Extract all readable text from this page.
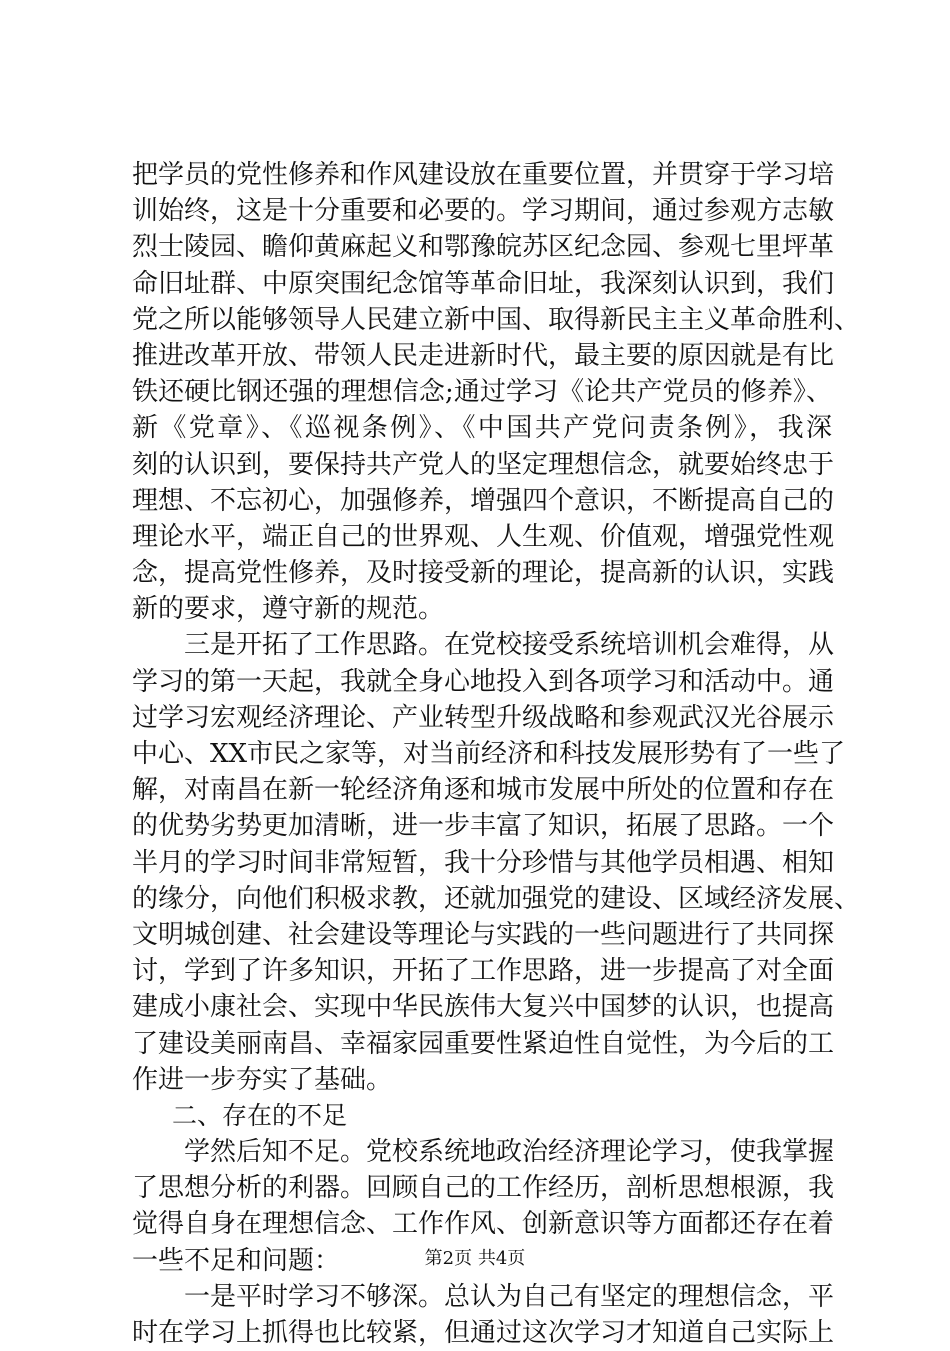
把学员的党性修养和作风建设放在重要位置，并贯穿于学习培
训始终，这是十分重要和必要的。学习期间，通过参观方志敏
烈士陵园、瞻仰黄麻起义和鄂豫皖苏区纪念园、参观七里坪革
命旧址群、中原突围纪念馆等革命旧址，我深刻认识到，我们
党之所以能够领导人民建立新中国、取得新民主主义革命胜利、
推进改革开放、带领人民走进新时代，最主要的原因就是有比
铁还硬比钢还强的理想信念;通过学习《论共产党员的修养》、
新《党章》、《巡视条例》、《中国共产党问责条例》，我深
刻的认识到，要保持共产党人的坚定理想信念，就要始终忠于
理想、不忘初心，加强修养，增强四个意识，不断提高自己的
理论水平，端正自己的世界观、人生观、价值观，增强党性观
念，提高党性修养，及时接受新的理论，提高新的认识，实践
新的要求，遵守新的规范。
　　三是开拓了工作思路。在党校接受系统培训机会难得，从
学习的第一天起，我就全身心地投入到各项学习和活动中。通
过学习宏观经济理论、产业转型升级战略和参观武汉光谷展示
中心、XX市民之家等，对当前经济和科技发展形势有了一些了
解，对南昌在新一轮经济角逐和城市发展中所处的位置和存在
的优势劣势更加清晰，进一步丰富了知识，拓展了思路。一个
半月的学习时间非常短暂，我十分珍惜与其他学员相遇、相知
的缘分，向他们积极求教，还就加强党的建设、区域经济发展、
文明城创建、社会建设等理论与实践的一些问题进行了共同探
讨，学到了许多知识，开拓了工作思路，进一步提高了对全面
建成小康社会、实现中华民族伟大复兴中国梦的认识，也提高
了建设美丽南昌、幸福家园重要性紧迫性自觉性，为今后的工
作进一步夯实了基础。
二、存在的不足
　　学然后知不足。党校系统地政治经济理论学习，使我掌握
了思想分析的利器。回顾自己的工作经历，剖析思想根源，我
觉得自身在理想信念、工作作风、创新意识等方面都还存在着
一些不足和问题：
　　一是平时学习不够深。总认为自己有坚定的理想信念，平
时在学习上抓得也比较紧，但通过这次学习才知道自己实际上
第2页 共4页
